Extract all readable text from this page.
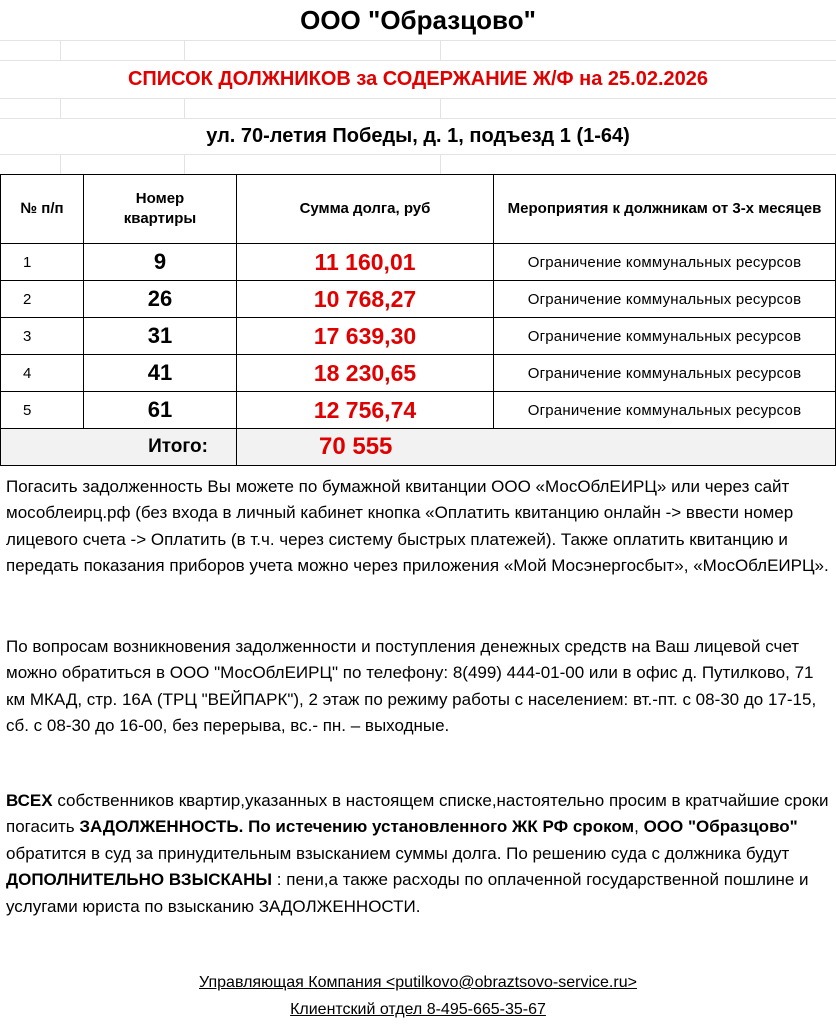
ООО "Образцово"
СПИСОК ДОЛЖНИКОВ за СОДЕРЖАНИЕ Ж/Ф на 25.02.2026
ул. 70-летия Победы, д. 1, подъезд 1 (1-64)
№ п/п	Номер квартиры	Сумма долга, руб	Мероприятия к должникам от 3-х месяцев
1	9	11 160,01	Ограничение коммунальных ресурсов
2	26	10 768,27	Ограничение коммунальных ресурсов
3	31	17 639,30	Ограничение коммунальных ресурсов
4	41	18 230,65	Ограничение коммунальных ресурсов
5	61	12 756,74	Ограничение коммунальных ресурсов
Итого:		70 555	
Погасить задолженность Вы можете по бумажной квитанции ООО «МосОблЕИРЦ» или через сайт мособлеирц.рф (без входа в личный кабинет кнопка «Оплатить квитанцию онлайн -> ввести номер лицевого счета -> Оплатить (в т.ч. через систему быстрых платежей). Также оплатить квитанцию и передать показания приборов учета можно через приложения «Мой Мосэнергосбыт», «МосОблЕИРЦ».
По вопросам возникновения задолженности и поступления денежных средств на Ваш лицевой счет можно обратиться в ООО "МосОблЕИРЦ" по телефону: 8(499) 444-01-00 или в офис д. Путилково, 71 км МКАД, стр. 16А (ТРЦ "ВЕЙПАРК"), 2 этаж по режиму работы с населением: вт.-пт. с 08-30 до 17-15, сб. с 08-30 до 16-00, без перерыва, вс.- пн. – выходные.
ВСЕХ собственников квартир,указанных в настоящем списке,настоятельно просим в кратчайшие сроки погасить ЗАДОЛЖЕННОСТЬ. По истечению установленного ЖК РФ сроком, ООО "Образцово" обратится в суд за принудительным взысканием суммы долга. По решению суда с должника будут ДОПОЛНИТЕЛЬНО ВЗЫСКАНЫ : пени,а также расходы по оплаченной государственной пошлине и услугами юриста по взысканию ЗАДОЛЖЕННОСТИ.
Управляющая Компания <putilkovo@obraztsovo-service.ru>
Клиентский отдел 8-495-665-35-67
